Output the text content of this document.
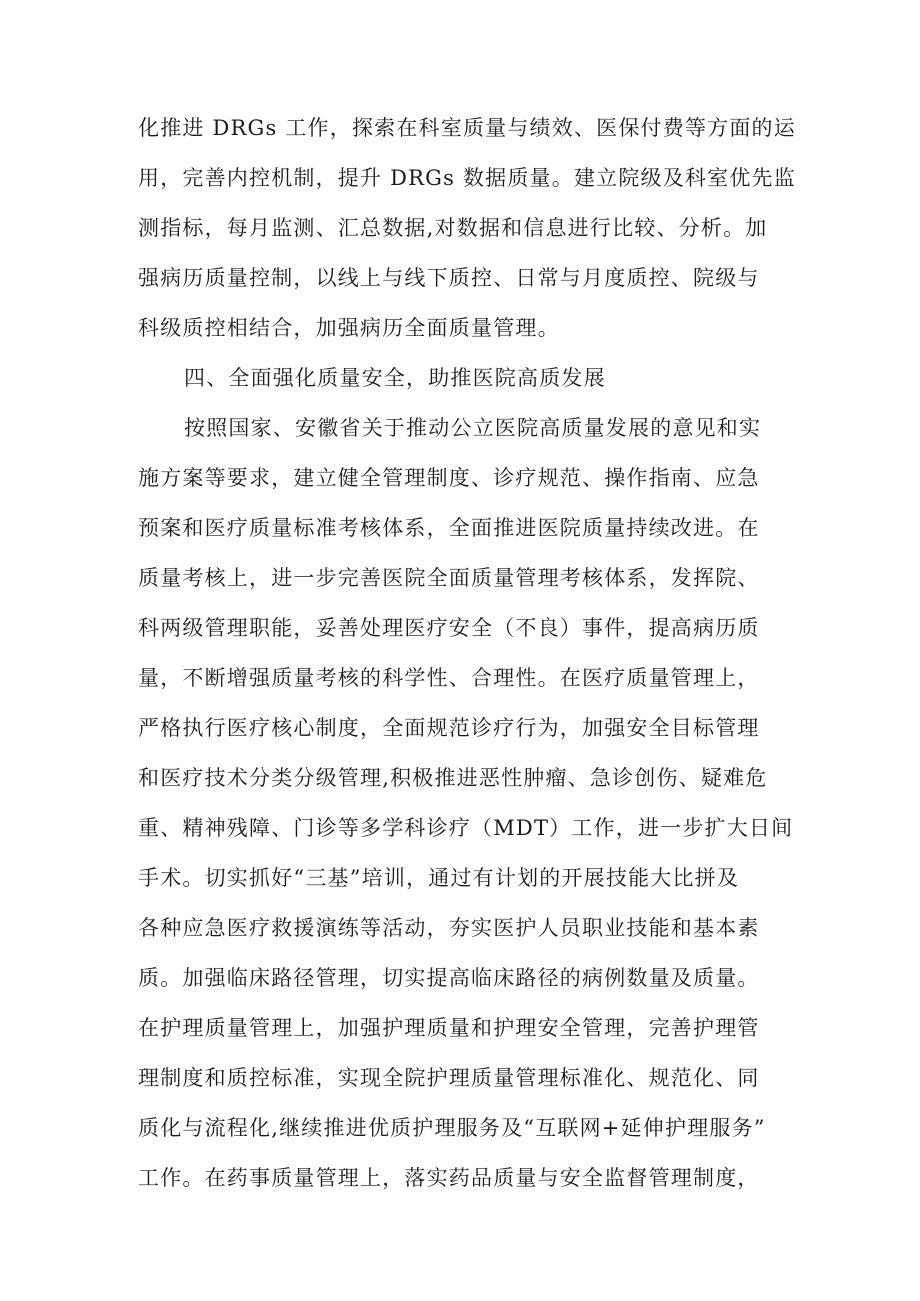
化推进 DRGs 工作，探索在科室质量与绩效、医保付费等方面的运

用，完善内控机制，提升 DRGs 数据质量。建立院级及科室优先监

测指标，每月监测、汇总数据,对数据和信息进行比较、分析。加

强病历质量控制，以线上与线下质控、日常与月度质控、院级与

科级质控相结合，加强病历全面质量管理。

四、全面强化质量安全，助推医院高质发展

按照国家、安徽省关于推动公立医院高质量发展的意见和实

施方案等要求，建立健全管理制度、诊疗规范、操作指南、应急

预案和医疗质量标准考核体系，全面推进医院质量持续改进。在

质量考核上，进一步完善医院全面质量管理考核体系，发挥院、

科两级管理职能，妥善处理医疗安全（不良）事件，提高病历质

量，不断增强质量考核的科学性、合理性。在医疗质量管理上，

严格执行医疗核心制度，全面规范诊疗行为，加强安全目标管理

和医疗技术分类分级管理,积极推进恶性肿瘤、急诊创伤、疑难危

重、精神残障、门诊等多学科诊疗（MDT）工作，进一步扩大日间

手术。切实抓好“三基”培训，通过有计划的开展技能大比拼及

各种应急医疗救援演练等活动，夯实医护人员职业技能和基本素

质。加强临床路径管理，切实提高临床路径的病例数量及质量。

在护理质量管理上，加强护理质量和护理安全管理，完善护理管

理制度和质控标准，实现全院护理质量管理标准化、规范化、同

质化与流程化,继续推进优质护理服务及“互联网+延伸护理服务”

工作。在药事质量管理上，落实药品质量与安全监督管理制度，
